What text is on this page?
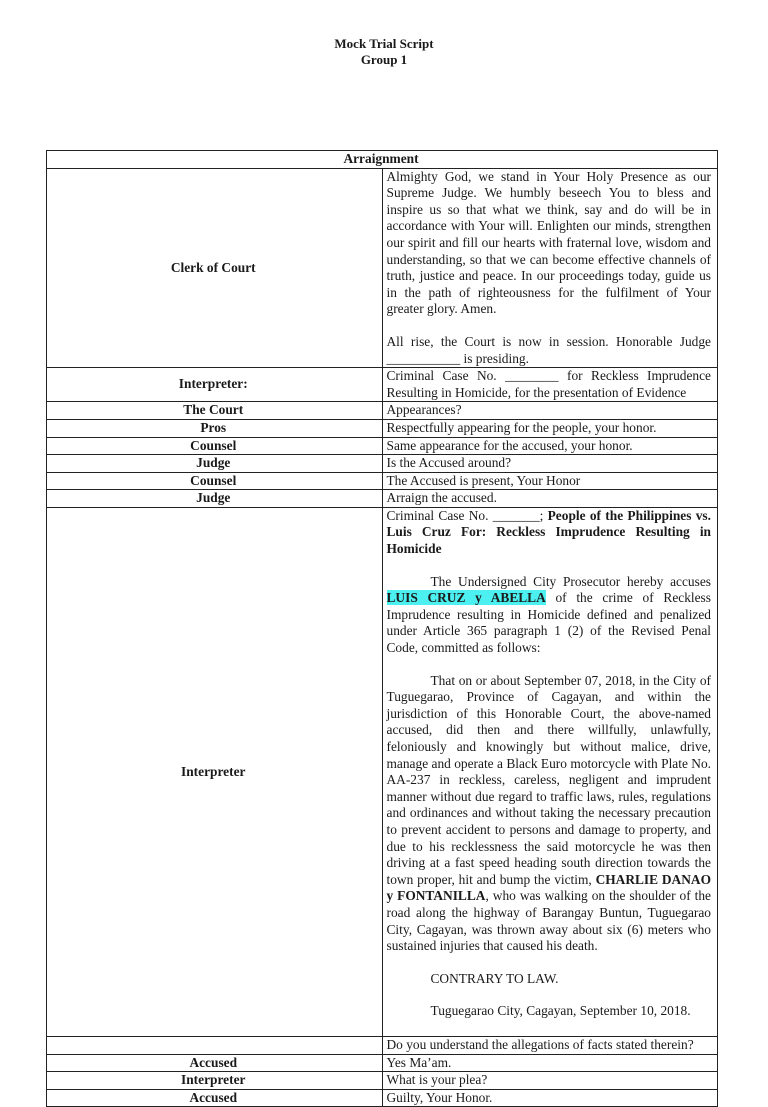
Mock Trial Script
Group 1
Arraignment	
Clerk of Court	Almighty God, we stand in Your Holy Presence as our Supreme Judge. We humbly beseech You to bless and inspire us so that what we think, say and do will be in accordance with Your will. Enlighten our minds, strengthen our spirit and fill our hearts with fraternal love, wisdom and understanding, so that we can become effective channels of truth, justice and peace. In our proceedings today, guide us in the path of righteousness for the fulfilment of Your greater glory. Amen.
All rise, the Court is now in session. Honorable Judge ___________ is presiding.

Interpreter:	Criminal Case No. ________ for Reckless Imprudence Resulting in Homicide, for the presentation of Evidence
The Court	Appearances?
Pros	Respectfully appearing for the people, your honor.
Counsel	Same appearance for the accused, your honor.
Judge	Is the Accused around?
Counsel	The Accused is present, Your Honor
Judge	Arraign the accused.
Interpreter	Criminal Case No. _______; People of the Philippines vs. Luis Cruz For: Reckless Imprudence Resulting in Homicide
The Undersigned City Prosecutor hereby accuses LUIS CRUZ y ABELLA of the crime of Reckless Imprudence resulting in Homicide defined and penalized under Article 365 paragraph 1 (2) of the Revised Penal Code, committed as follows:
That on or about September 07, 2018, in the City of Tuguegarao, Province of Cagayan, and within the jurisdiction of this Honorable Court, the above-named accused, did then and there willfully, unlawfully, feloniously and knowingly but without malice, drive, manage and operate a Black Euro motorcycle with Plate No. AA-237 in reckless, careless, negligent and imprudent manner without due regard to traffic laws, rules, regulations and ordinances and without taking the necessary precaution to prevent accident to persons and damage to property, and due to his recklessness the said motorcycle he was then driving at a fast speed heading south direction towards the town proper, hit and bump the victim, CHARLIE DANAO y FONTANILLA, who was walking on the shoulder of the road along the highway of Barangay Buntun, Tuguegarao City, Cagayan, was thrown away about six (6) meters who sustained injuries that caused his death.
CONTRARY TO LAW.
Tuguegarao City, Cagayan, September 10, 2018.

	Do you understand the allegations of facts stated therein?
Accused	Yes Ma’am.
Interpreter	What is your plea?
Accused	Guilty, Your Honor.
